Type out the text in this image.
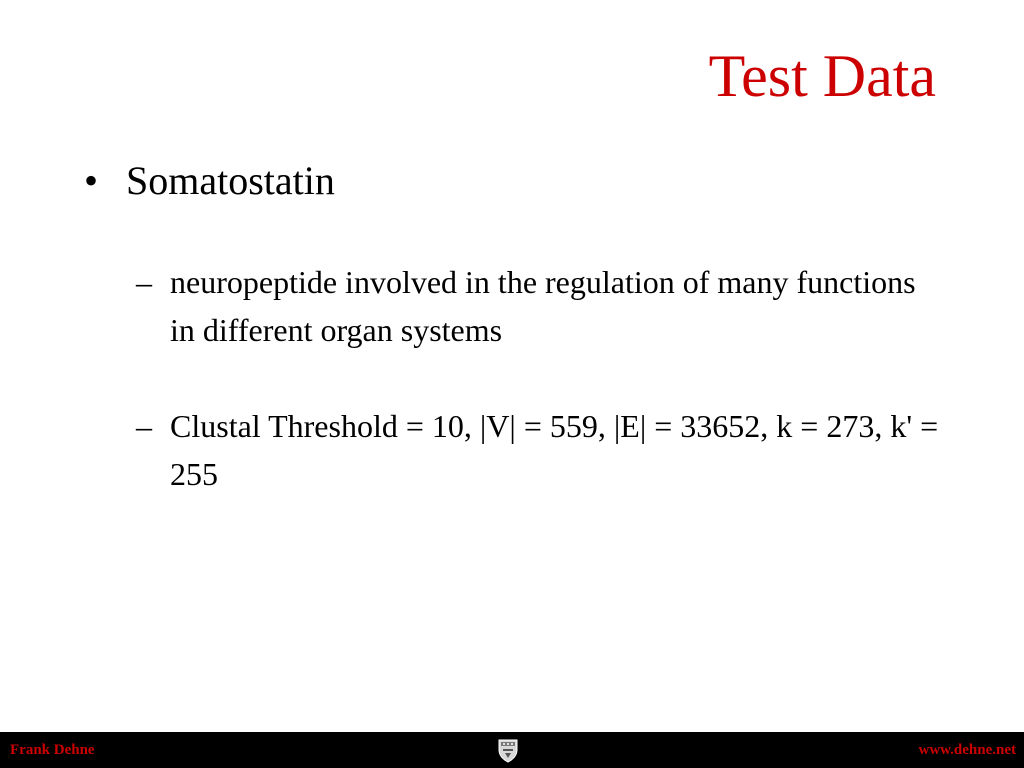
Test Data
• Somatostatin
– neuropeptide involved in the regulation of many functions in different organ systems
– Clustal Threshold = 10, |V| = 559, |E| = 33652, k = 273, k' = 255
Frank Dehne	www.dehne.net
